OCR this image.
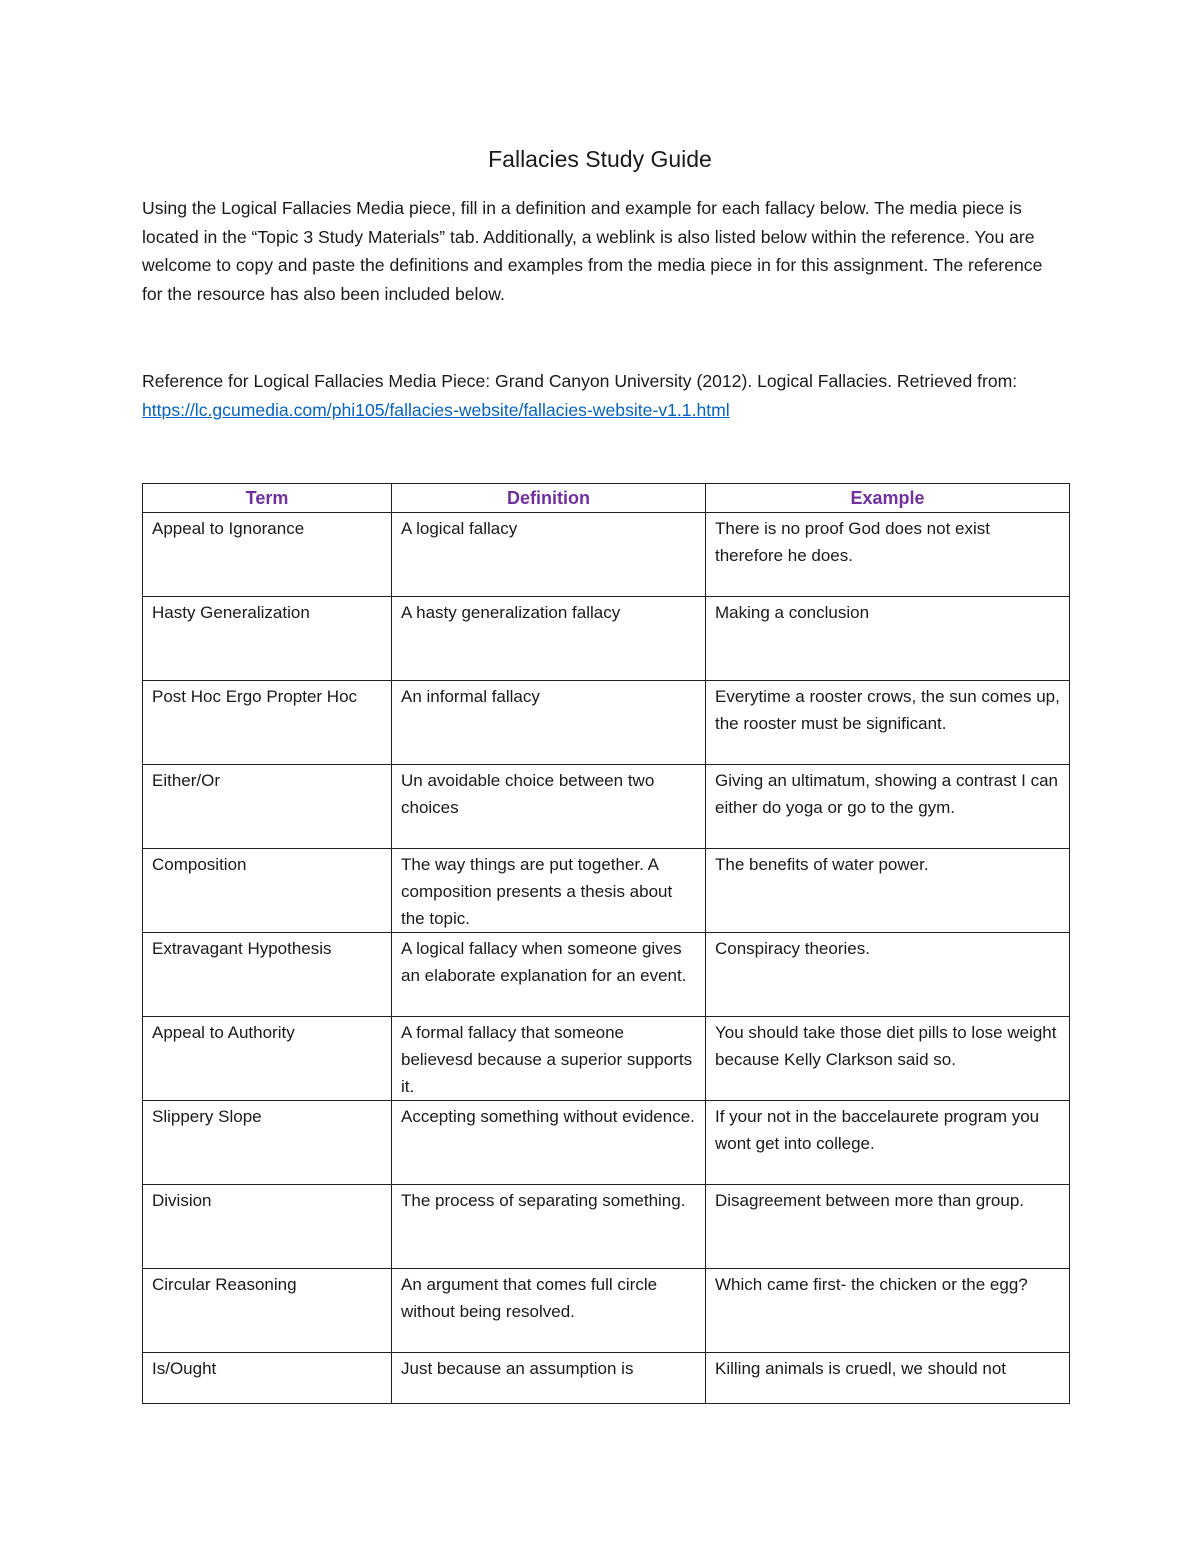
Fallacies Study Guide

Using the Logical Fallacies Media piece, fill in a definition and example for each fallacy below. The media piece is located in the “Topic 3 Study Materials” tab. Additionally, a weblink is also listed below within the reference. You are welcome to copy and paste the definitions and examples from the media piece in for this assignment. The reference for the resource has also been included below.

Reference for Logical Fallacies Media Piece: Grand Canyon University (2012). Logical Fallacies. Retrieved from: https://lc.gcumedia.com/phi105/fallacies-website/fallacies-website-v1.1.html

Term	Definition	Example
Appeal to Ignorance	A logical fallacy	There is no proof God does not exist therefore he does.
Hasty Generalization	A hasty generalization fallacy	Making a conclusion
Post Hoc Ergo Propter Hoc	An informal fallacy	Everytime a rooster crows, the sun comes up, the rooster must be significant.
Either/Or	Un avoidable choice between two choices	Giving an ultimatum, showing a contrast I can either do yoga or go to the gym.
Composition	The way things are put together. A composition presents a thesis about the topic.	The benefits of water power.
Extravagant Hypothesis	A logical fallacy when someone gives an elaborate explanation for an event.	Conspiracy theories.
Appeal to Authority	A formal fallacy that someone believesd because a superior supports it.	You should take those diet pills to lose weight because Kelly Clarkson said so.
Slippery Slope	Accepting something without evidence.	If your not in the baccelaurete program you wont get into college.
Division	The process of separating something.	Disagreement between more than group.
Circular Reasoning	An argument that comes full circle without being resolved.	Which came first- the chicken or the egg?
Is/Ought	Just because an assumption is	Killing animals is cruedl, we should not
